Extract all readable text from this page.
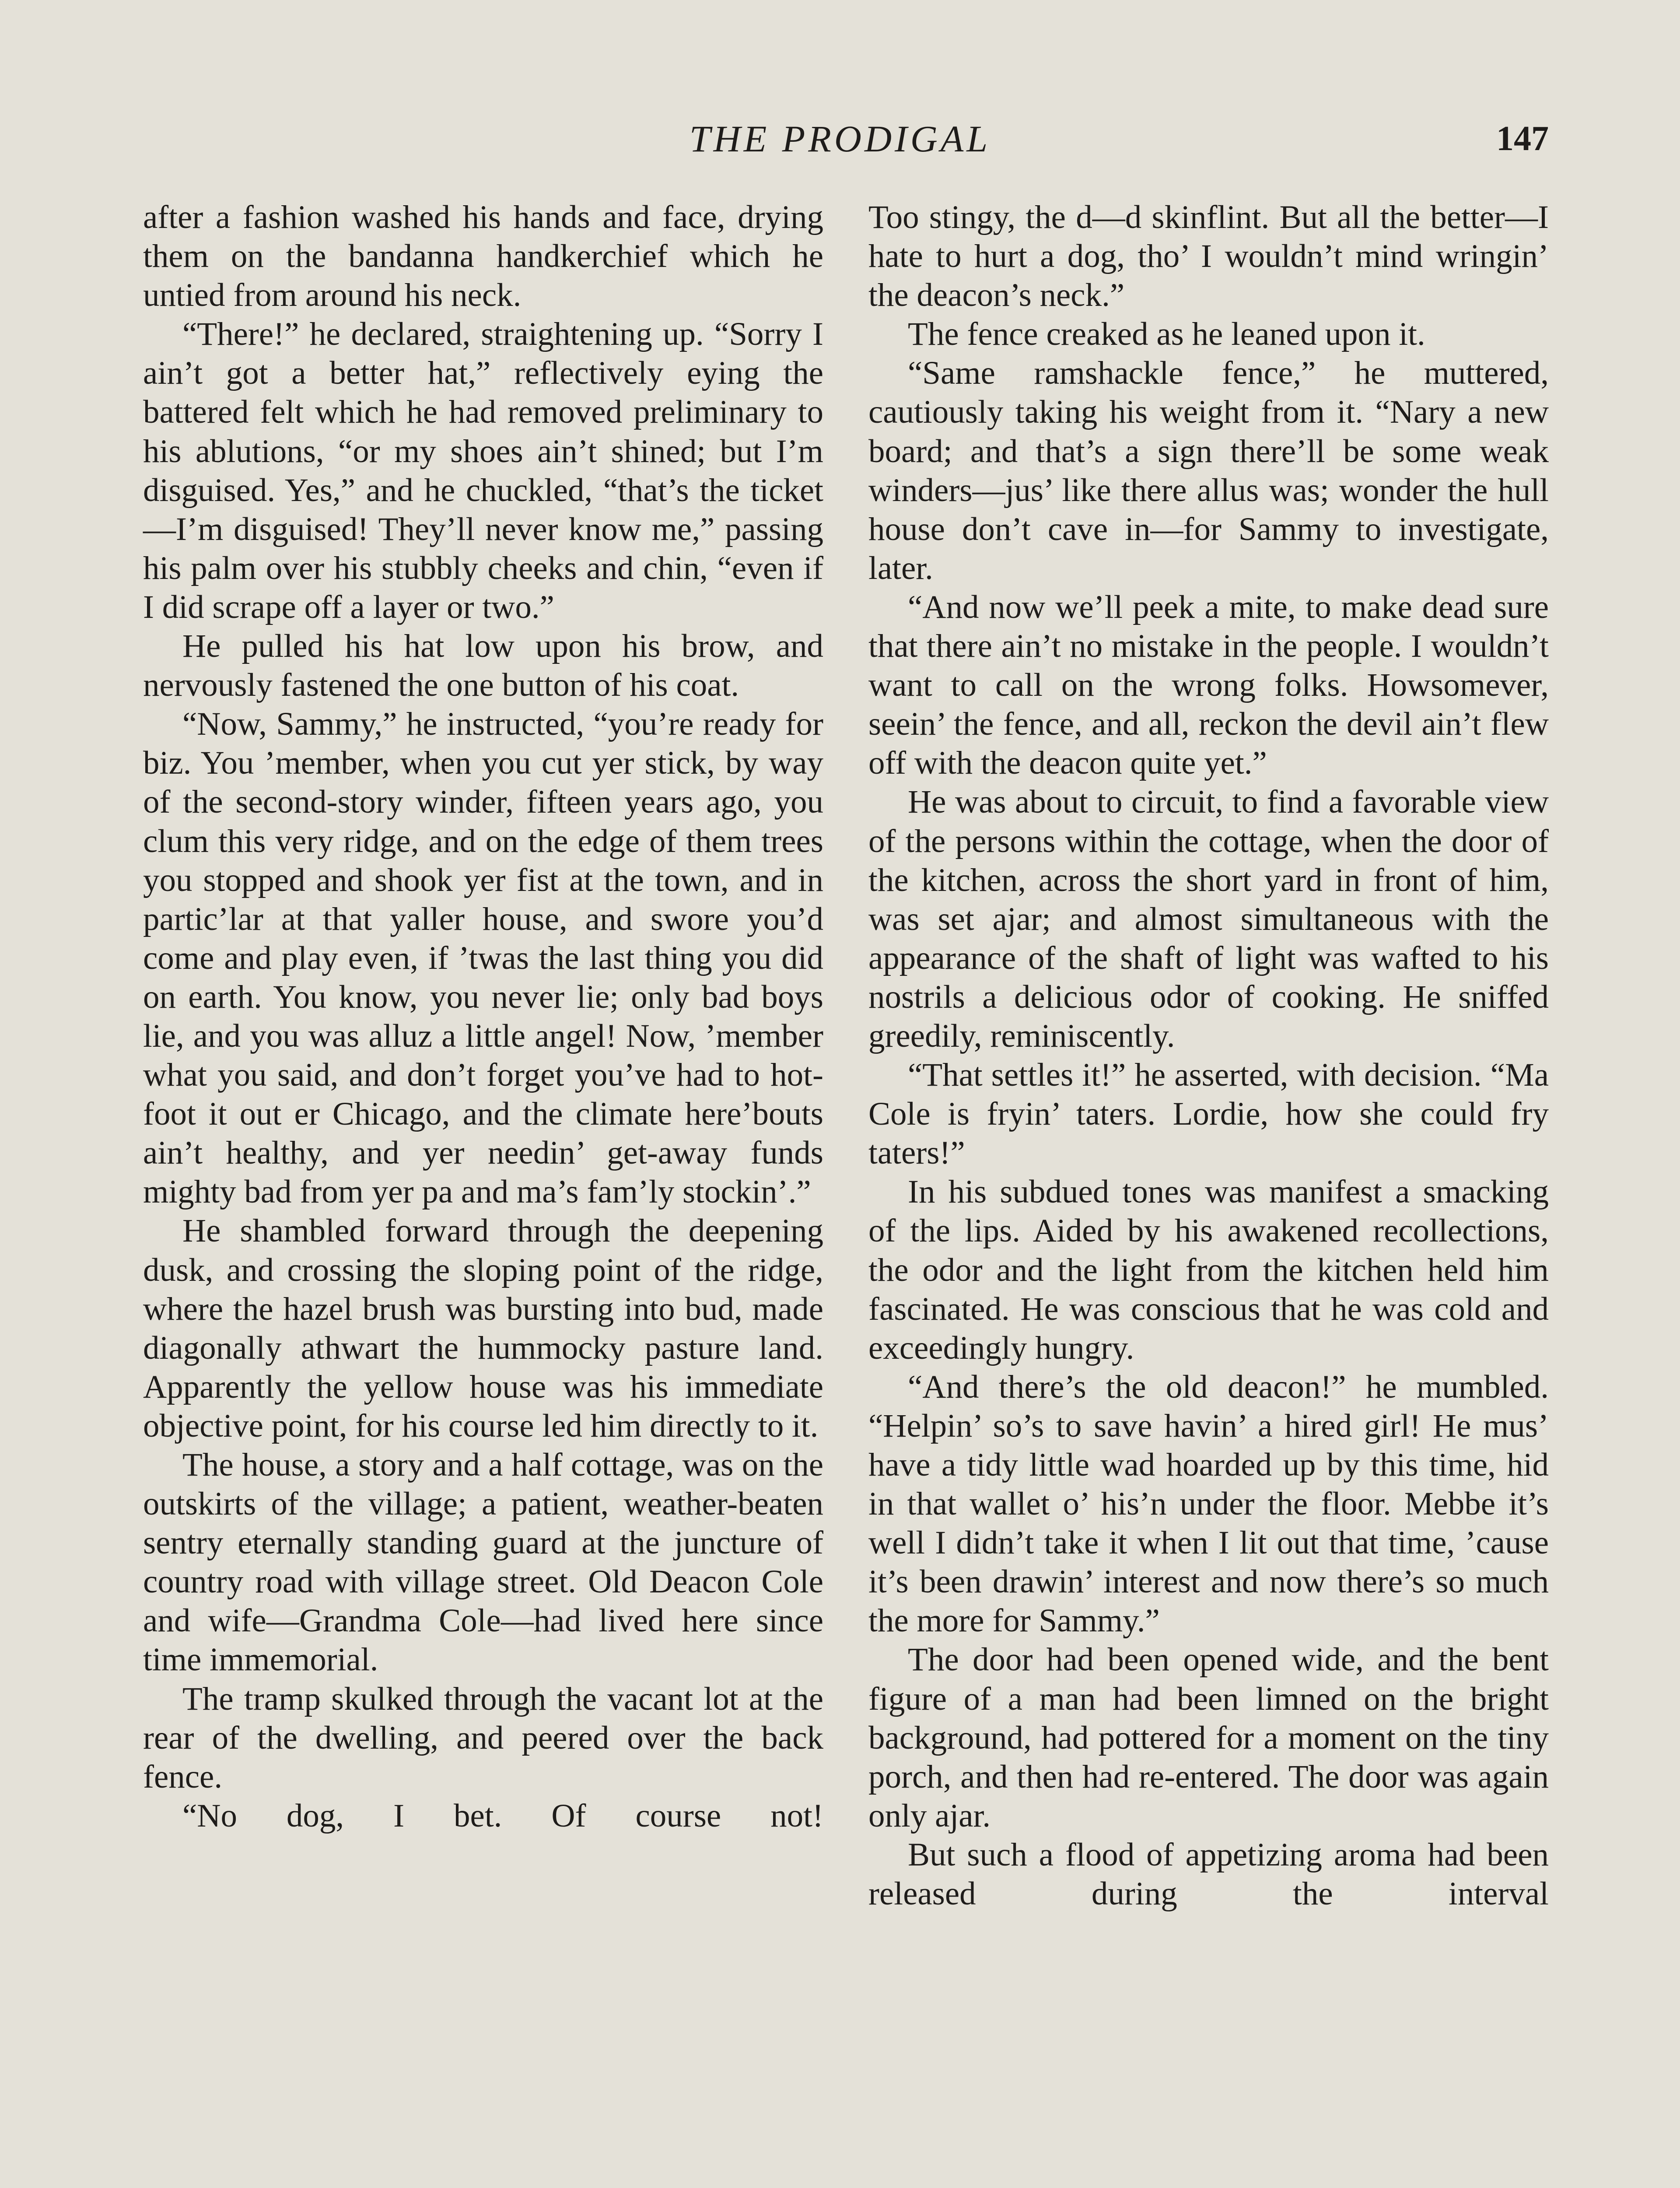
THE PRODIGAL	147

after a fashion washed his hands and face, drying them on the bandanna handkerchief which he untied from around his neck.

“There!” he declared, straightening up. “Sorry I ain’t got a better hat,” reflectively eying the battered felt which he had removed preliminary to his ablutions, “or my shoes ain’t shined; but I’m disguised. Yes,” and he chuckled, “that’s the ticket—I’m disguised! They’ll never know me,” passing his palm over his stubbly cheeks and chin, “even if I did scrape off a layer or two.”

He pulled his hat low upon his brow, and nervously fastened the one button of his coat.

“Now, Sammy,” he instructed, “you’re ready for biz. You ’member, when you cut yer stick, by way of the second-story winder, fifteen years ago, you clum this very ridge, and on the edge of them trees you stopped and shook yer fist at the town, and in partic’lar at that yaller house, and swore you’d come and play even, if ’twas the last thing you did on earth. You know, you never lie; only bad boys lie, and you was alluz a little angel! Now, ’member what you said, and don’t forget you’ve had to hot-foot it out er Chicago, and the climate here’bouts ain’t healthy, and yer needin’ get-away funds mighty bad from yer pa and ma’s fam’ly stockin’.”

He shambled forward through the deepening dusk, and crossing the sloping point of the ridge, where the hazel brush was bursting into bud, made diagonally athwart the hummocky pasture land. Apparently the yellow house was his immediate objective point, for his course led him directly to it.

The house, a story and a half cottage, was on the outskirts of the village; a patient, weather-beaten sentry eternally standing guard at the juncture of country road with village street. Old Deacon Cole and wife—Grandma Cole—had lived here since time immemorial.

The tramp skulked through the vacant lot at the rear of the dwelling, and peered over the back fence.

“No dog, I bet. Of course not!

Too stingy, the d—d skinflint. But all the better—I hate to hurt a dog, tho’ I wouldn’t mind wringin’ the deacon’s neck.”

The fence creaked as he leaned upon it.

“Same ramshackle fence,” he muttered, cautiously taking his weight from it. “Nary a new board; and that’s a sign there’ll be some weak winders—jus’ like there allus was; wonder the hull house don’t cave in—for Sammy to investigate, later.

“And now we’ll peek a mite, to make dead sure that there ain’t no mistake in the people. I wouldn’t want to call on the wrong folks. Howsomever, seein’ the fence, and all, reckon the devil ain’t flew off with the deacon quite yet.”

He was about to circuit, to find a favorable view of the persons within the cottage, when the door of the kitchen, across the short yard in front of him, was set ajar; and almost simultaneous with the appearance of the shaft of light was wafted to his nostrils a delicious odor of cooking. He sniffed greedily, reminiscently.

“That settles it!” he asserted, with decision. “Ma Cole is fryin’ taters. Lordie, how she could fry taters!”

In his subdued tones was manifest a smacking of the lips. Aided by his awakened recollections, the odor and the light from the kitchen held him fascinated. He was conscious that he was cold and exceedingly hungry.

“And there’s the old deacon!” he mumbled. “Helpin’ so’s to save havin’ a hired girl! He mus’ have a tidy little wad hoarded up by this time, hid in that wallet o’ his’n under the floor. Mebbe it’s well I didn’t take it when I lit out that time, ’cause it’s been drawin’ interest and now there’s so much the more for Sammy.”

The door had been opened wide, and the bent figure of a man had been limned on the bright background, had pottered for a moment on the tiny porch, and then had re-entered. The door was again only ajar.

But such a flood of appetizing aroma had been released during the interval
